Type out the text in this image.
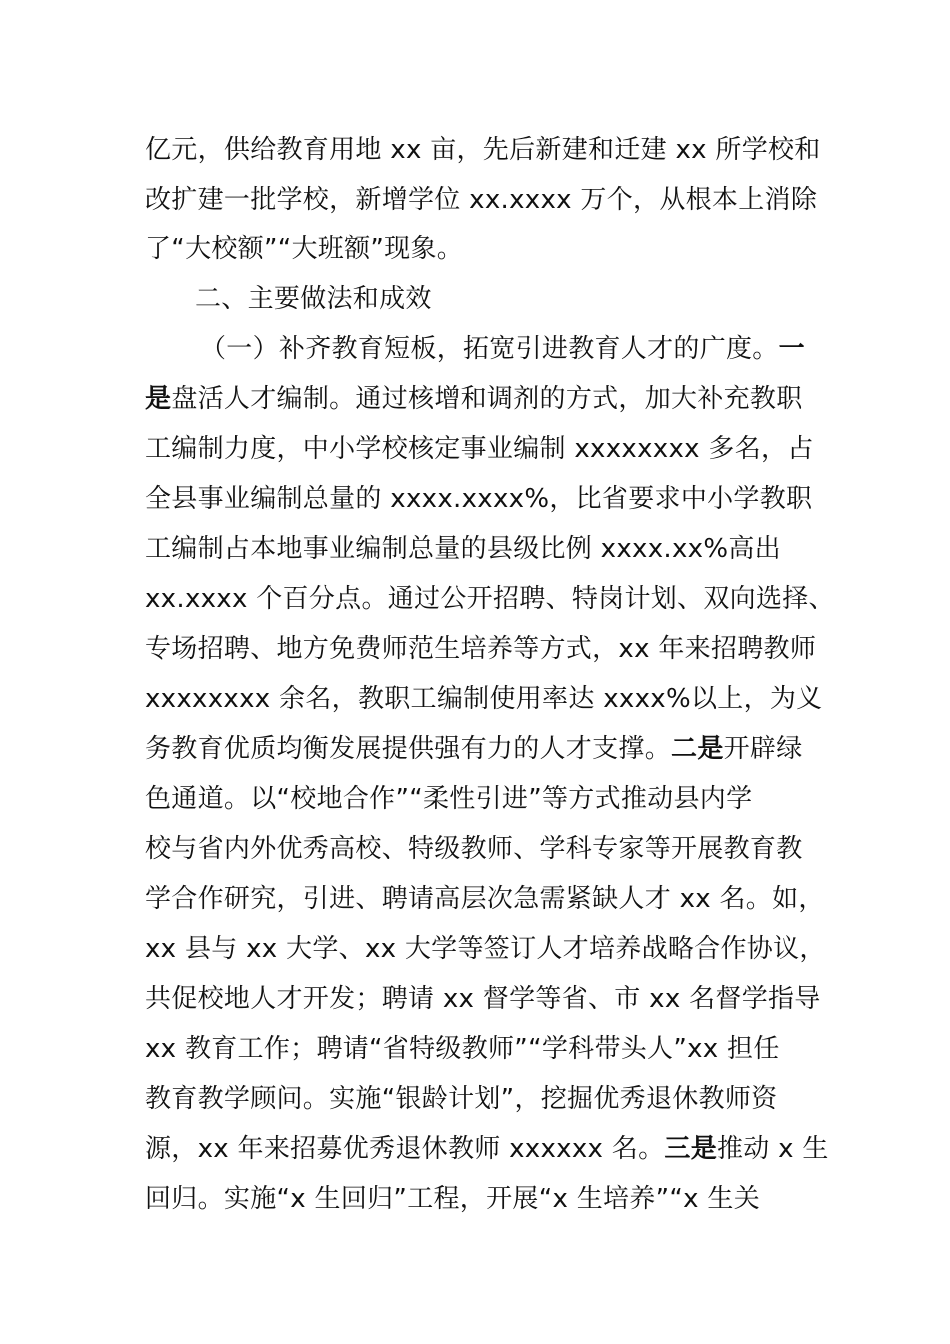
亿元，供给教育用地 xx 亩，先后新建和迁建 xx 所学校和
改扩建一批学校，新增学位 xx.xxxx 万个，从根本上消除
了“大校额”“大班额”现象。
二、主要做法和成效
（一）补齐教育短板，拓宽引进教育人才的广度。一
是盘活人才编制。通过核增和调剂的方式，加大补充教职
工编制力度，中小学校核定事业编制 xxxxxxxx 多名，占
全县事业编制总量的 xxxx.xxxx%，比省要求中小学教职
工编制占本地事业编制总量的县级比例 xxxx.xx%高出
xx.xxxx 个百分点。通过公开招聘、特岗计划、双向选择、
专场招聘、地方免费师范生培养等方式，xx 年来招聘教师
xxxxxxxx 余名，教职工编制使用率达 xxxx%以上，为义
务教育优质均衡发展提供强有力的人才支撑。二是开辟绿
色通道。以“校地合作”“柔性引进”等方式推动县内学
校与省内外优秀高校、特级教师、学科专家等开展教育教
学合作研究，引进、聘请高层次急需紧缺人才 xx 名。如，
xx 县与 xx 大学、xx 大学等签订人才培养战略合作协议，
共促校地人才开发；聘请 xx 督学等省、市 xx 名督学指导
xx 教育工作；聘请“省特级教师”“学科带头人”xx 担任
教育教学顾问。实施“银龄计划”，挖掘优秀退休教师资
源，xx 年来招募优秀退休教师 xxxxxx 名。三是推动 x 生
回归。实施“x 生回归”工程，开展“x 生培养”“x 生关
